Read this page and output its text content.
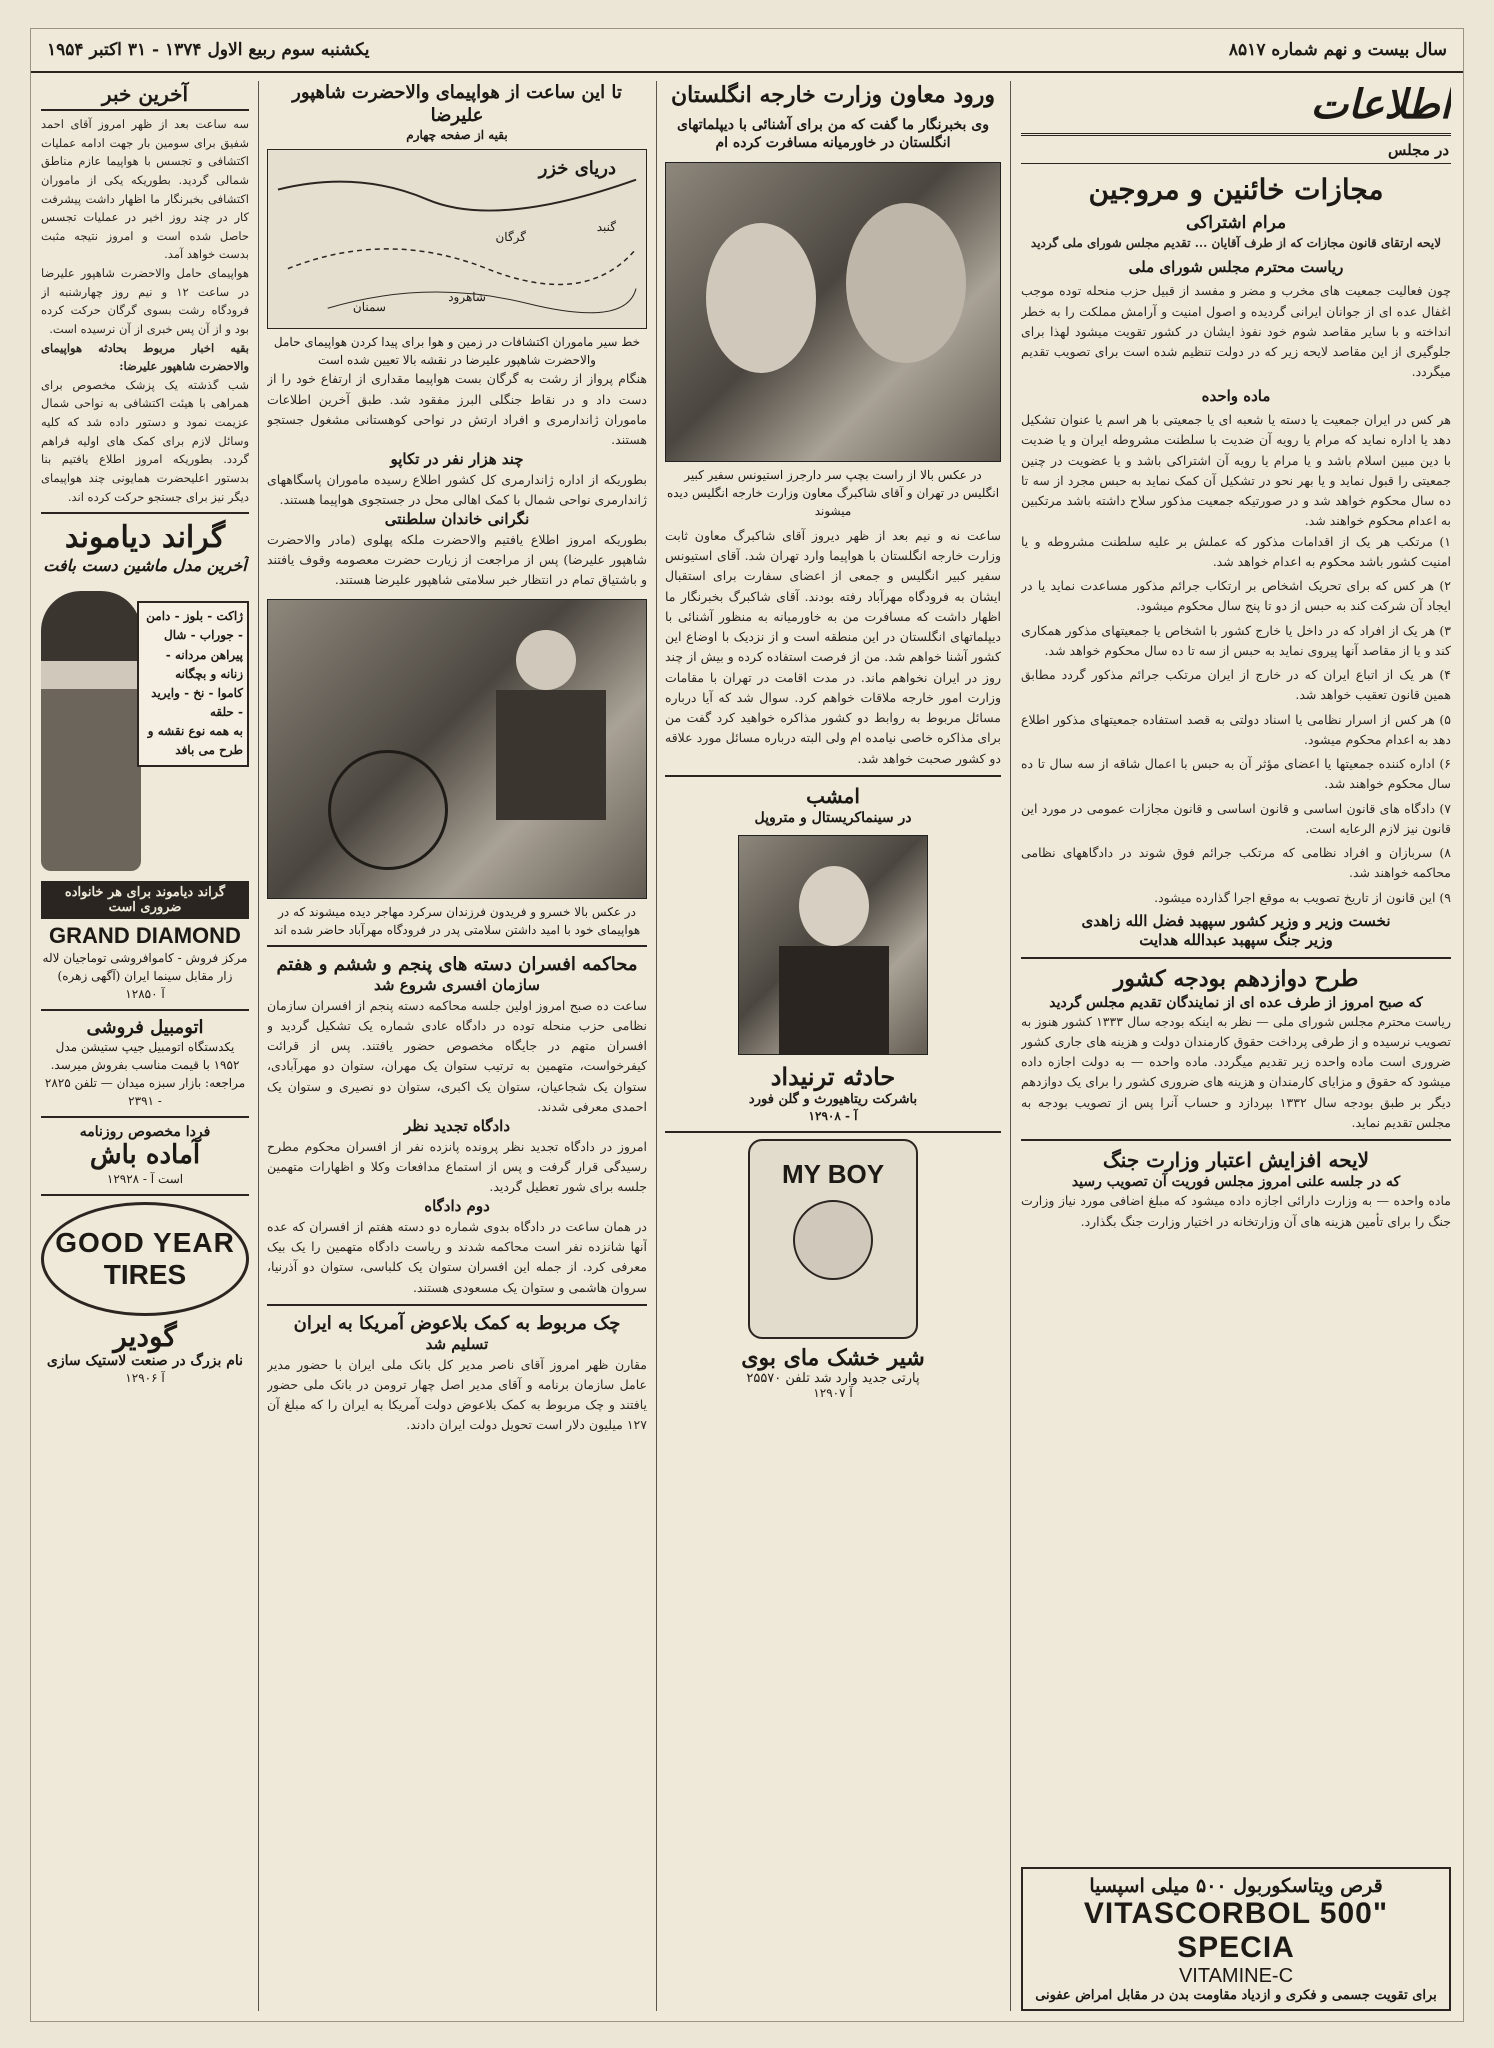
سال بیست و نهم شماره ۸۵۱۷
یکشنبه سوم ربیع الاول ۱۳۷۴ - ۳۱ اکتبر ۱۹۵۴
اطلاعات
در مجلس
مجازات خائنین و مروجین
مرام اشتراکی
لایحه ارتقای قانون مجازات که از طرف آقایان ... تقدیم مجلس شورای ملی گردید
ریاست محترم مجلس شورای ملی
چون فعالیت جمعیت های مخرب و مضر و مفسد از قبیل حزب منحله توده موجب اغفال عده ای از جوانان ایرانی گردیده و اصول امنیت و آرامش مملکت را به خطر انداخته و با سایر مقاصد شوم خود نفوذ ایشان در کشور تقویت میشود لهذا برای جلوگیری از این مقاصد لایحه زیر که در دولت تنظیم شده است برای تصویب تقدیم میگردد.
ماده واحده
هر کس در ایران جمعیت یا دسته یا شعبه ای یا جمعیتی با هر اسم یا عنوان تشکیل دهد یا اداره نماید که مرام یا رویه آن ضدیت با سلطنت مشروطه ایران و یا ضدیت با دین مبین اسلام باشد و یا مرام یا رویه آن اشتراکی باشد و یا عضویت در چنین جمعیتی را قبول نماید و یا بهر نحو در تشکیل آن کمک نماید به حبس مجرد از سه تا ده سال محکوم خواهد شد و در صورتیکه جمعیت مذکور سلاح داشته باشد مرتکبین به اعدام محکوم خواهند شد.

۱) مرتکب هر یک از اقدامات مذکور که عملش بر علیه سلطنت مشروطه و یا امنیت کشور باشد محکوم به اعدام خواهد شد.

۲) هر کس که برای تحریک اشخاص بر ارتکاب جرائم مذکور مساعدت نماید یا در ایجاد آن شرکت کند به حبس از دو تا پنج سال محکوم میشود.

۳) هر یک از افراد که در داخل یا خارج کشور با اشخاص یا جمعیتهای مذکور همکاری کند و یا از مقاصد آنها پیروی نماید به حبس از سه تا ده سال محکوم خواهد شد.

۴) هر یک از اتباع ایران که در خارج از ایران مرتکب جرائم مذکور گردد مطابق همین قانون تعقیب خواهد شد.

۵) هر کس از اسرار نظامی یا اسناد دولتی به قصد استفاده جمعیتهای مذکور اطلاع دهد به اعدام محکوم میشود.

۶) اداره کننده جمعیتها یا اعضای مؤثر آن به حبس با اعمال شاقه از سه سال تا ده سال محکوم خواهند شد.

۷) دادگاه های قانون اساسی و قانون اساسی و قانون مجازات عمومی در مورد این قانون نیز لازم الرعایه است.

۸) سربازان و افراد نظامی که مرتکب جرائم فوق شوند در دادگاههای نظامی محاکمه خواهند شد.

۹) این قانون از تاریخ تصویب به موقع اجرا گذارده میشود.

نخست وزیر و وزیر کشور سپهبد فضل الله زاهدی
وزیر جنگ سپهبد عبدالله هدایت
طرح دوازدهم بودجه کشور
که صبح امروز از طرف عده ای از نمایندگان تقدیم مجلس گردید
ریاست محترم مجلس شورای ملی — نظر به اینکه بودجه سال ۱۳۳۳ کشور هنوز به تصویب نرسیده و از طرفی پرداخت حقوق کارمندان دولت و هزینه های جاری کشور ضروری است ماده واحده زیر تقدیم میگردد. ماده واحده — به دولت اجازه داده میشود که حقوق و مزایای کارمندان و هزینه های ضروری کشور را برای یک دوازدهم دیگر بر طبق بودجه سال ۱۳۳۲ بپردازد و حساب آنرا پس از تصویب بودجه به مجلس تقدیم نماید.
لایحه افزایش اعتبار وزارت جنگ
که در جلسه علنی امروز مجلس فوریت آن تصویب رسید
ماده واحده — به وزارت دارائی اجازه داده میشود که مبلغ اضافی مورد نیاز وزارت جنگ را برای تأمین هزینه های آن وزارتخانه در اختیار وزارت جنگ بگذارد.
قرص ویتاسکوربول ۵۰۰ میلی اسپسیا
VITASCORBOL 500" SPECIA
VITAMINE-C
برای تقویت جسمی و فکری و ازدیاد مقاومت بدن در مقابل امراض عفونی
ورود معاون وزارت خارجه انگلستان
وی بخبرنگار ما گفت که من برای آشنائی با دیپلماتهای انگلستان در خاورمیانه مسافرت کرده ام
در عکس بالا از راست بچپ سر دارجرز استیونس سفیر کبیر انگلیس در تهران و آقای شاکبرگ معاون وزارت خارجه انگلیس دیده میشوند
ساعت نه و نیم بعد از ظهر دیروز آقای شاکبرگ معاون ثابت وزارت خارجه انگلستان با هواپیما وارد تهران شد. آقای استیونس سفیر کبیر انگلیس و جمعی از اعضای سفارت برای استقبال ایشان به فرودگاه مهرآباد رفته بودند. آقای شاکبرگ بخبرنگار ما اظهار داشت که مسافرت من به خاورمیانه به منظور آشنائی با دیپلماتهای انگلستان در این منطقه است و از نزدیک با اوضاع این کشور آشنا خواهم شد. من از فرصت استفاده کرده و بیش از چند روز در ایران نخواهم ماند. در مدت اقامت در تهران با مقامات وزارت امور خارجه ملاقات خواهم کرد. سوال شد که آیا درباره مسائل مربوط به روابط دو کشور مذاکره خواهید کرد گفت من برای مذاکره خاصی نیامده ام ولی البته درباره مسائل مورد علاقه دو کشور صحبت خواهد شد.
امشب
در سینماکریستال و متروپل
حادثه ترنیداد
باشرکت ریتاهیورث و گلن فورد
آ - ۱۲۹۰۸
MY BOY
شیر خشک مای بوی
پارتی جدید وارد شد تلفن ۲۵۵۷۰
آ ۱۲۹۰۷
تا این ساعت از هواپیمای والاحضرت شاهپور علیرضا
بقیه از صفحه چهارم
دریای خزر
گرگان
شاهرود
سمنان
گنبد
خط سیر ماموران اکتشافات در زمین و هوا برای پیدا کردن هواپیمای حامل والاحضرت شاهپور علیرضا در نقشه بالا تعیین شده است
هنگام پرواز از رشت به گرگان بست هواپیما مقداری از ارتفاع خود را از دست داد و در نقاط جنگلی البرز مفقود شد. طبق آخرین اطلاعات ماموران ژاندارمری و افراد ارتش در نواحی کوهستانی مشغول جستجو هستند.
چند هزار نفر در تکاپو
بطوریکه از اداره ژاندارمری کل کشور اطلاع رسیده ماموران پاسگاههای ژاندارمری نواحی شمال با کمک اهالی محل در جستجوی هواپیما هستند.
نگرانی خاندان سلطنتی
بطوریکه امروز اطلاع یافتیم والاحضرت ملکه پهلوی (مادر والاحضرت شاهپور علیرضا) پس از مراجعت از زیارت حضرت معصومه وقوف یافتند و باشتیاق تمام در انتظار خبر سلامتی شاهپور علیرضا هستند.
در عکس بالا خسرو و فریدون فرزندان سرکرد مهاجر دیده میشوند که در هواپیمای خود با امید داشتن سلامتی پدر در فرودگاه مهرآباد حاضر شده اند
محاکمه افسران دسته های پنجم و ششم و هفتم
سازمان افسری شروع شد
ساعت ده صبح امروز اولین جلسه محاکمه دسته پنجم از افسران سازمان نظامی حزب منحله توده در دادگاه عادی شماره یک تشکیل گردید و افسران متهم در جایگاه مخصوص حضور یافتند. پس از قرائت کیفرخواست، متهمین به ترتیب ستوان یک مهران، ستوان دو مهرآبادی، ستوان یک شجاعیان، ستوان یک اکبری، ستوان دو نصیری و ستوان یک احمدی معرفی شدند.
دادگاه تجدید نظر
امروز در دادگاه تجدید نظر پرونده پانزده نفر از افسران محکوم مطرح رسیدگی قرار گرفت و پس از استماع مدافعات وکلا و اظهارات متهمین جلسه برای شور تعطیل گردید.
دوم دادگاه
در همان ساعت در دادگاه بدوی شماره دو دسته هفتم از افسران که عده آنها شانزده نفر است محاکمه شدند و ریاست دادگاه متهمین را یک بیک معرفی کرد. از جمله این افسران ستوان یک کلباسی، ستوان دو آذرنیا، سروان هاشمی و ستوان یک مسعودی هستند.
چک مربوط به کمک بلاعوض آمریکا به ایران
تسلیم شد
مقارن ظهر امروز آقای ناصر مدیر کل بانک ملی ایران با حضور مدیر عامل سازمان برنامه و آقای مدیر اصل چهار ترومن در بانک ملی حضور یافتند و چک مربوط به کمک بلاعوض دولت آمریکا به ایران را که مبلغ آن ۱۲۷ میلیون دلار است تحویل دولت ایران دادند.
آخرین خبر
سه ساعت بعد از ظهر امروز آقای احمد شفیق برای سومین بار جهت ادامه عملیات اکتشافی و تجسس با هواپیما عازم مناطق شمالی گردید. بطوریکه یکی از ماموران اکتشافی بخبرنگار ما اظهار داشت پیشرفت کار در چند روز اخیر در عملیات تجسس حاصل شده است و امروز نتیجه مثبت بدست خواهد آمد.
هواپیمای حامل والاحضرت شاهپور علیرضا در ساعت ۱۲ و نیم روز چهارشنبه از فرودگاه رشت بسوی گرگان حرکت کرده بود و از آن پس خبری از آن نرسیده است.
بقیه اخبار مربوط بحادثه هواپیمای والاحضرت شاهپور علیرضا:
شب گذشته یک پزشک مخصوص برای همراهی با هیئت اکتشافی به نواحی شمال عزیمت نمود و دستور داده شد که کلیه وسائل لازم برای کمک های اولیه فراهم گردد. بطوریکه امروز اطلاع یافتیم بنا بدستور اعلیحضرت همایونی چند هواپیمای دیگر نیز برای جستجو حرکت کرده اند.
گراند دیاموند
آخرین مدل ماشین دست بافت
ژاکت - بلوز - دامن - جوراب - شال
پیراهن مردانه - زنانه و بچگانه
کاموا - نخ - وایرید - حلقه
به همه نوع نقشه و طرح می بافد
گراند دیاموند برای هر خانواده ضروری است
GRAND DIAMOND
مرکز فروش - کاموافروشی توماجیان لاله زار مقابل سینما ایران (آگهی زهره)
آ ۱۲۸۵۰
اتومبیل فروشی
یکدستگاه اتومبیل جیپ ستیشن مدل ۱۹۵۲ با قیمت مناسب بفروش میرسد. مراجعه: بازار سبزه میدان — تلفن ۲۸۲۵ - ۲۳۹۱
فردا مخصوص روزنامه
آماده باش
است آ - ۱۲۹۲۸
GOOD YEAR
TIRES
گودیر
نام بزرگ در صنعت لاستیک سازی
آ ۱۲۹۰۶
